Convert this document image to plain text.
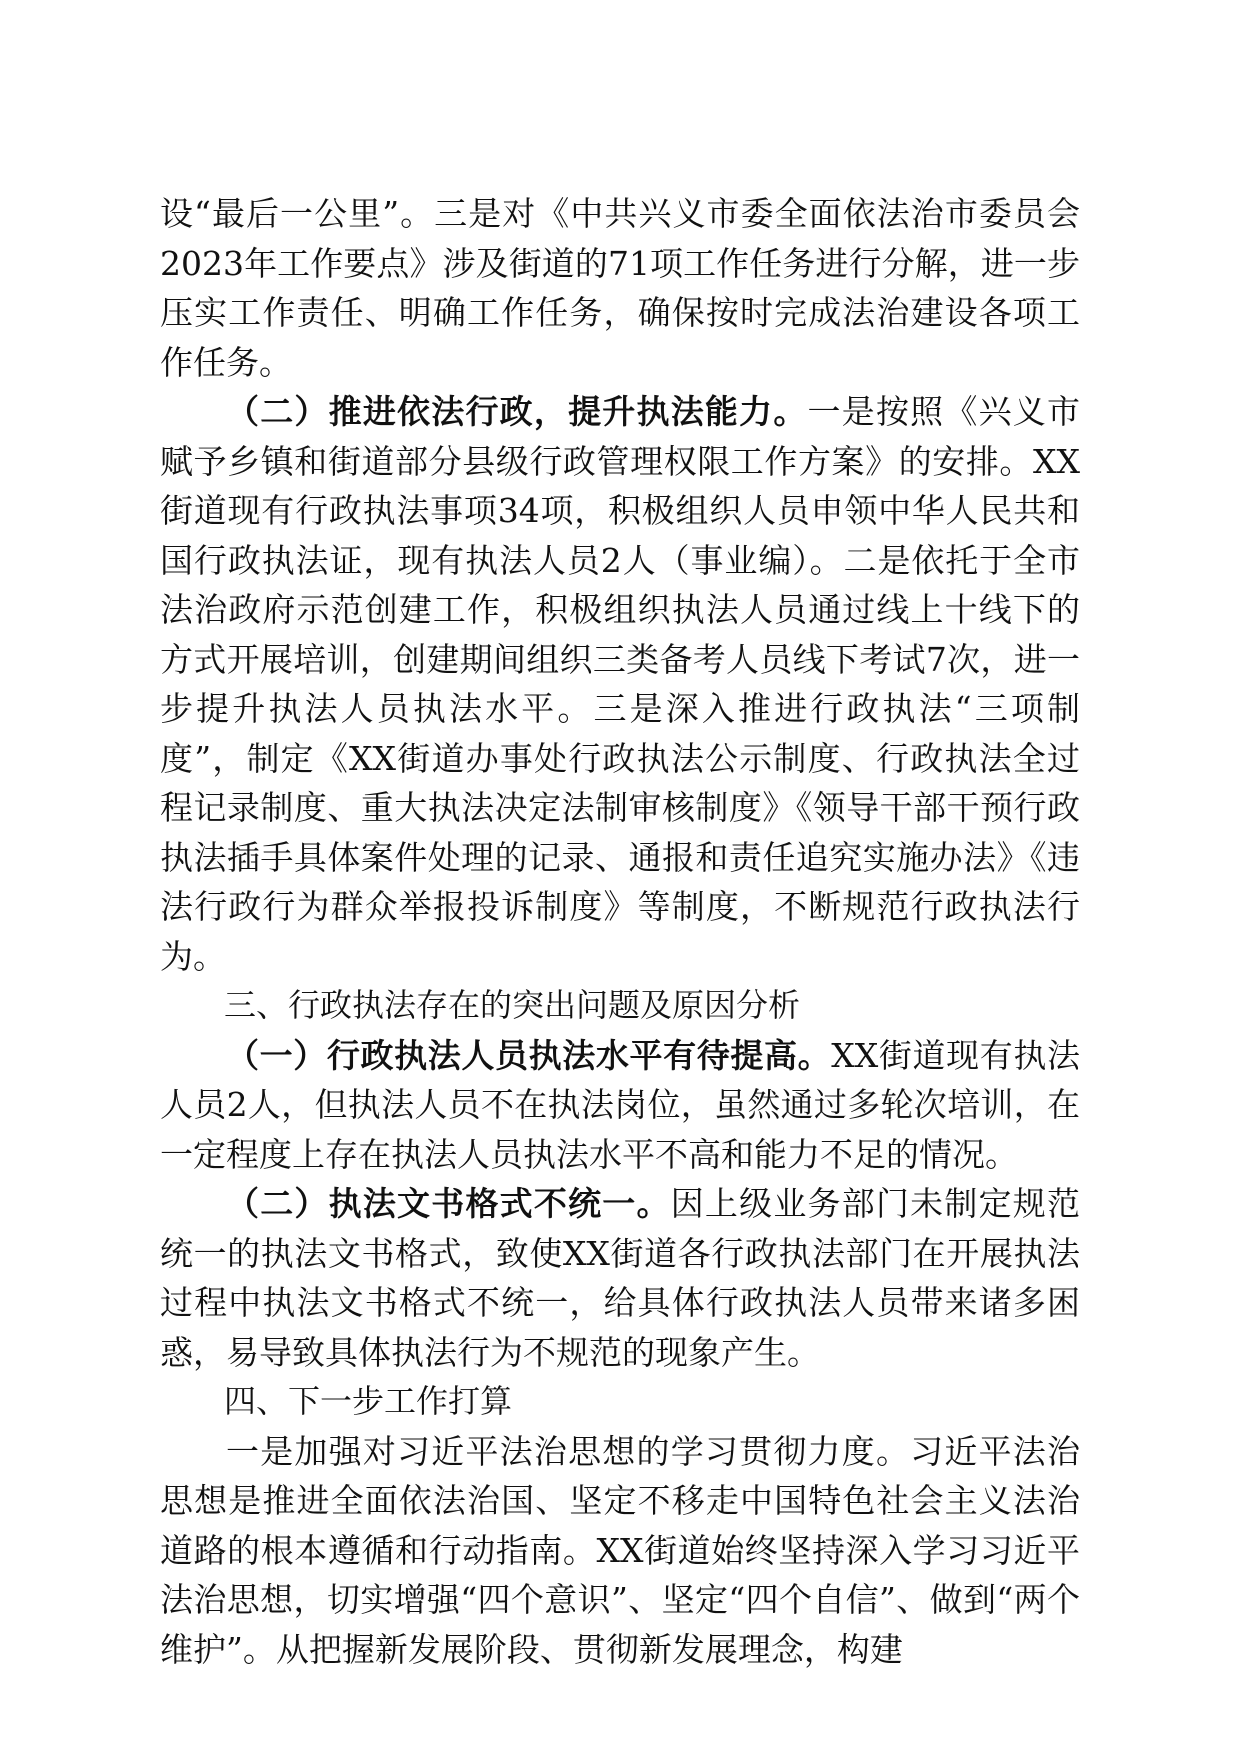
设“最后一公里”。三是对《中共兴义市委全面依法治市委员会2023年工作要点》涉及街道的71项工作任务进行分解，进一步压实工作责任、明确工作任务，确保按时完成法治建设各项工作任务。

（二）推进依法行政，提升执法能力。一是按照《兴义市赋予乡镇和街道部分县级行政管理权限工作方案》的安排。XX街道现有行政执法事项34项，积极组织人员申领中华人民共和国行政执法证，现有执法人员2人（事业编）。二是依托于全市法治政府示范创建工作，积极组织执法人员通过线上十线下的方式开展培训，创建期间组织三类备考人员线下考试7次，进一步提升执法人员执法水平。三是深入推进行政执法“三项制度”，制定《XX街道办事处行政执法公示制度、行政执法全过程记录制度、重大执法决定法制审核制度》《领导干部干预行政执法插手具体案件处理的记录、通报和责任追究实施办法》《违法行政行为群众举报投诉制度》等制度，不断规范行政执法行为。

三、行政执法存在的突出问题及原因分析

（一）行政执法人员执法水平有待提高。XX街道现有执法人员2人，但执法人员不在执法岗位，虽然通过多轮次培训，在一定程度上存在执法人员执法水平不高和能力不足的情况。

（二）执法文书格式不统一。因上级业务部门未制定规范统一的执法文书格式，致使XX街道各行政执法部门在开展执法过程中执法文书格式不统一，给具体行政执法人员带来诸多困惑，易导致具体执法行为不规范的现象产生。

四、下一步工作打算

一是加强对习近平法治思想的学习贯彻力度。习近平法治思想是推进全面依法治国、坚定不移走中国特色社会主义法治道路的根本遵循和行动指南。XX街道始终坚持深入学习习近平法治思想，切实增强“四个意识”、坚定“四个自信”、做到“两个维护”。从把握新发展阶段、贯彻新发展理念，构建
